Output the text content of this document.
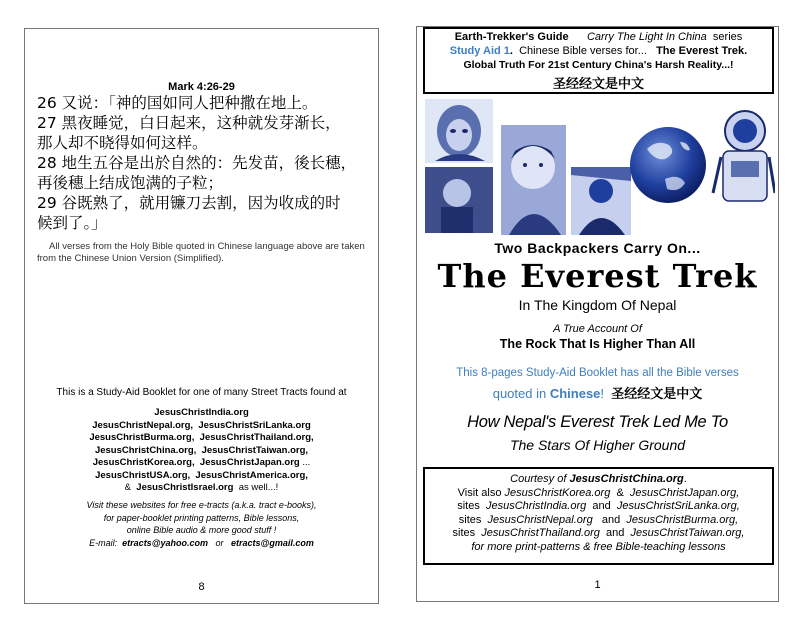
Mark 4:26-29
26 又说：「神的国如同人把种撒在地上。
27 黑夜睡觉，白日起来，这种就发芽渐长，
那人却不晓得如何这样。
28 地生五谷是出於自然的：先发苗，後长穗，
再後穗上结成饱满的子粒；
29 谷既熟了，就用镰刀去割，因为收成的时
候到了。」
All verses from the Holy Bible quoted in Chinese language above are taken from the Chinese Union Version (Simplified).
This is a Study-Aid Booklet for one of many Street Tracts found at
JesusChristIndia.org
JesusChristNepal.org,  JesusChristSriLanka.org
JesusChristBurma.org,  JesusChristThailand.org,
JesusChristChina.org,  JesusChristTaiwan.org,
JesusChristKorea.org,  JesusChristJapan.org ...
JesusChristUSA.org,  JesusChristAmerica.org,
& JesusChristIsrael.org as well...!
Visit these websites for free e-tracts (a.k.a. tract e-books),
for paper-booklet printing patterns, Bible lessons,
online Bible audio & more good stuff !
E-mail: etracts@yahoo.com or etracts@gmail.com
8
Earth-Trekker's Guide Carry The Light In China series
Study Aid 1. Chinese Bible verses for... The Everest Trek.
Global Truth For 21st Century China's Harsh Reality...!
圣经经文是中文
Two Backpackers Carry On...
The Everest Trek
In The Kingdom Of Nepal
A True Account Of
The Rock That Is Higher Than All
This 8-pages Study-Aid Booklet has all the Bible verses
quoted in Chinese!  圣经经文是中文
How Nepal's Everest Trek Led Me To
The Stars Of Higher Ground
Courtesy of JesusChristChina.org.
Visit also JesusChristKorea.org  &  JesusChristJapan.org,
sites JesusChristIndia.org and JesusChristSriLanka.org,
sites JesusChristNepal.org and JesusChristBurma.org,
sites JesusChristThailand.org and JesusChristTaiwan.org,
for more print-patterns & free Bible-teaching lessons
1
